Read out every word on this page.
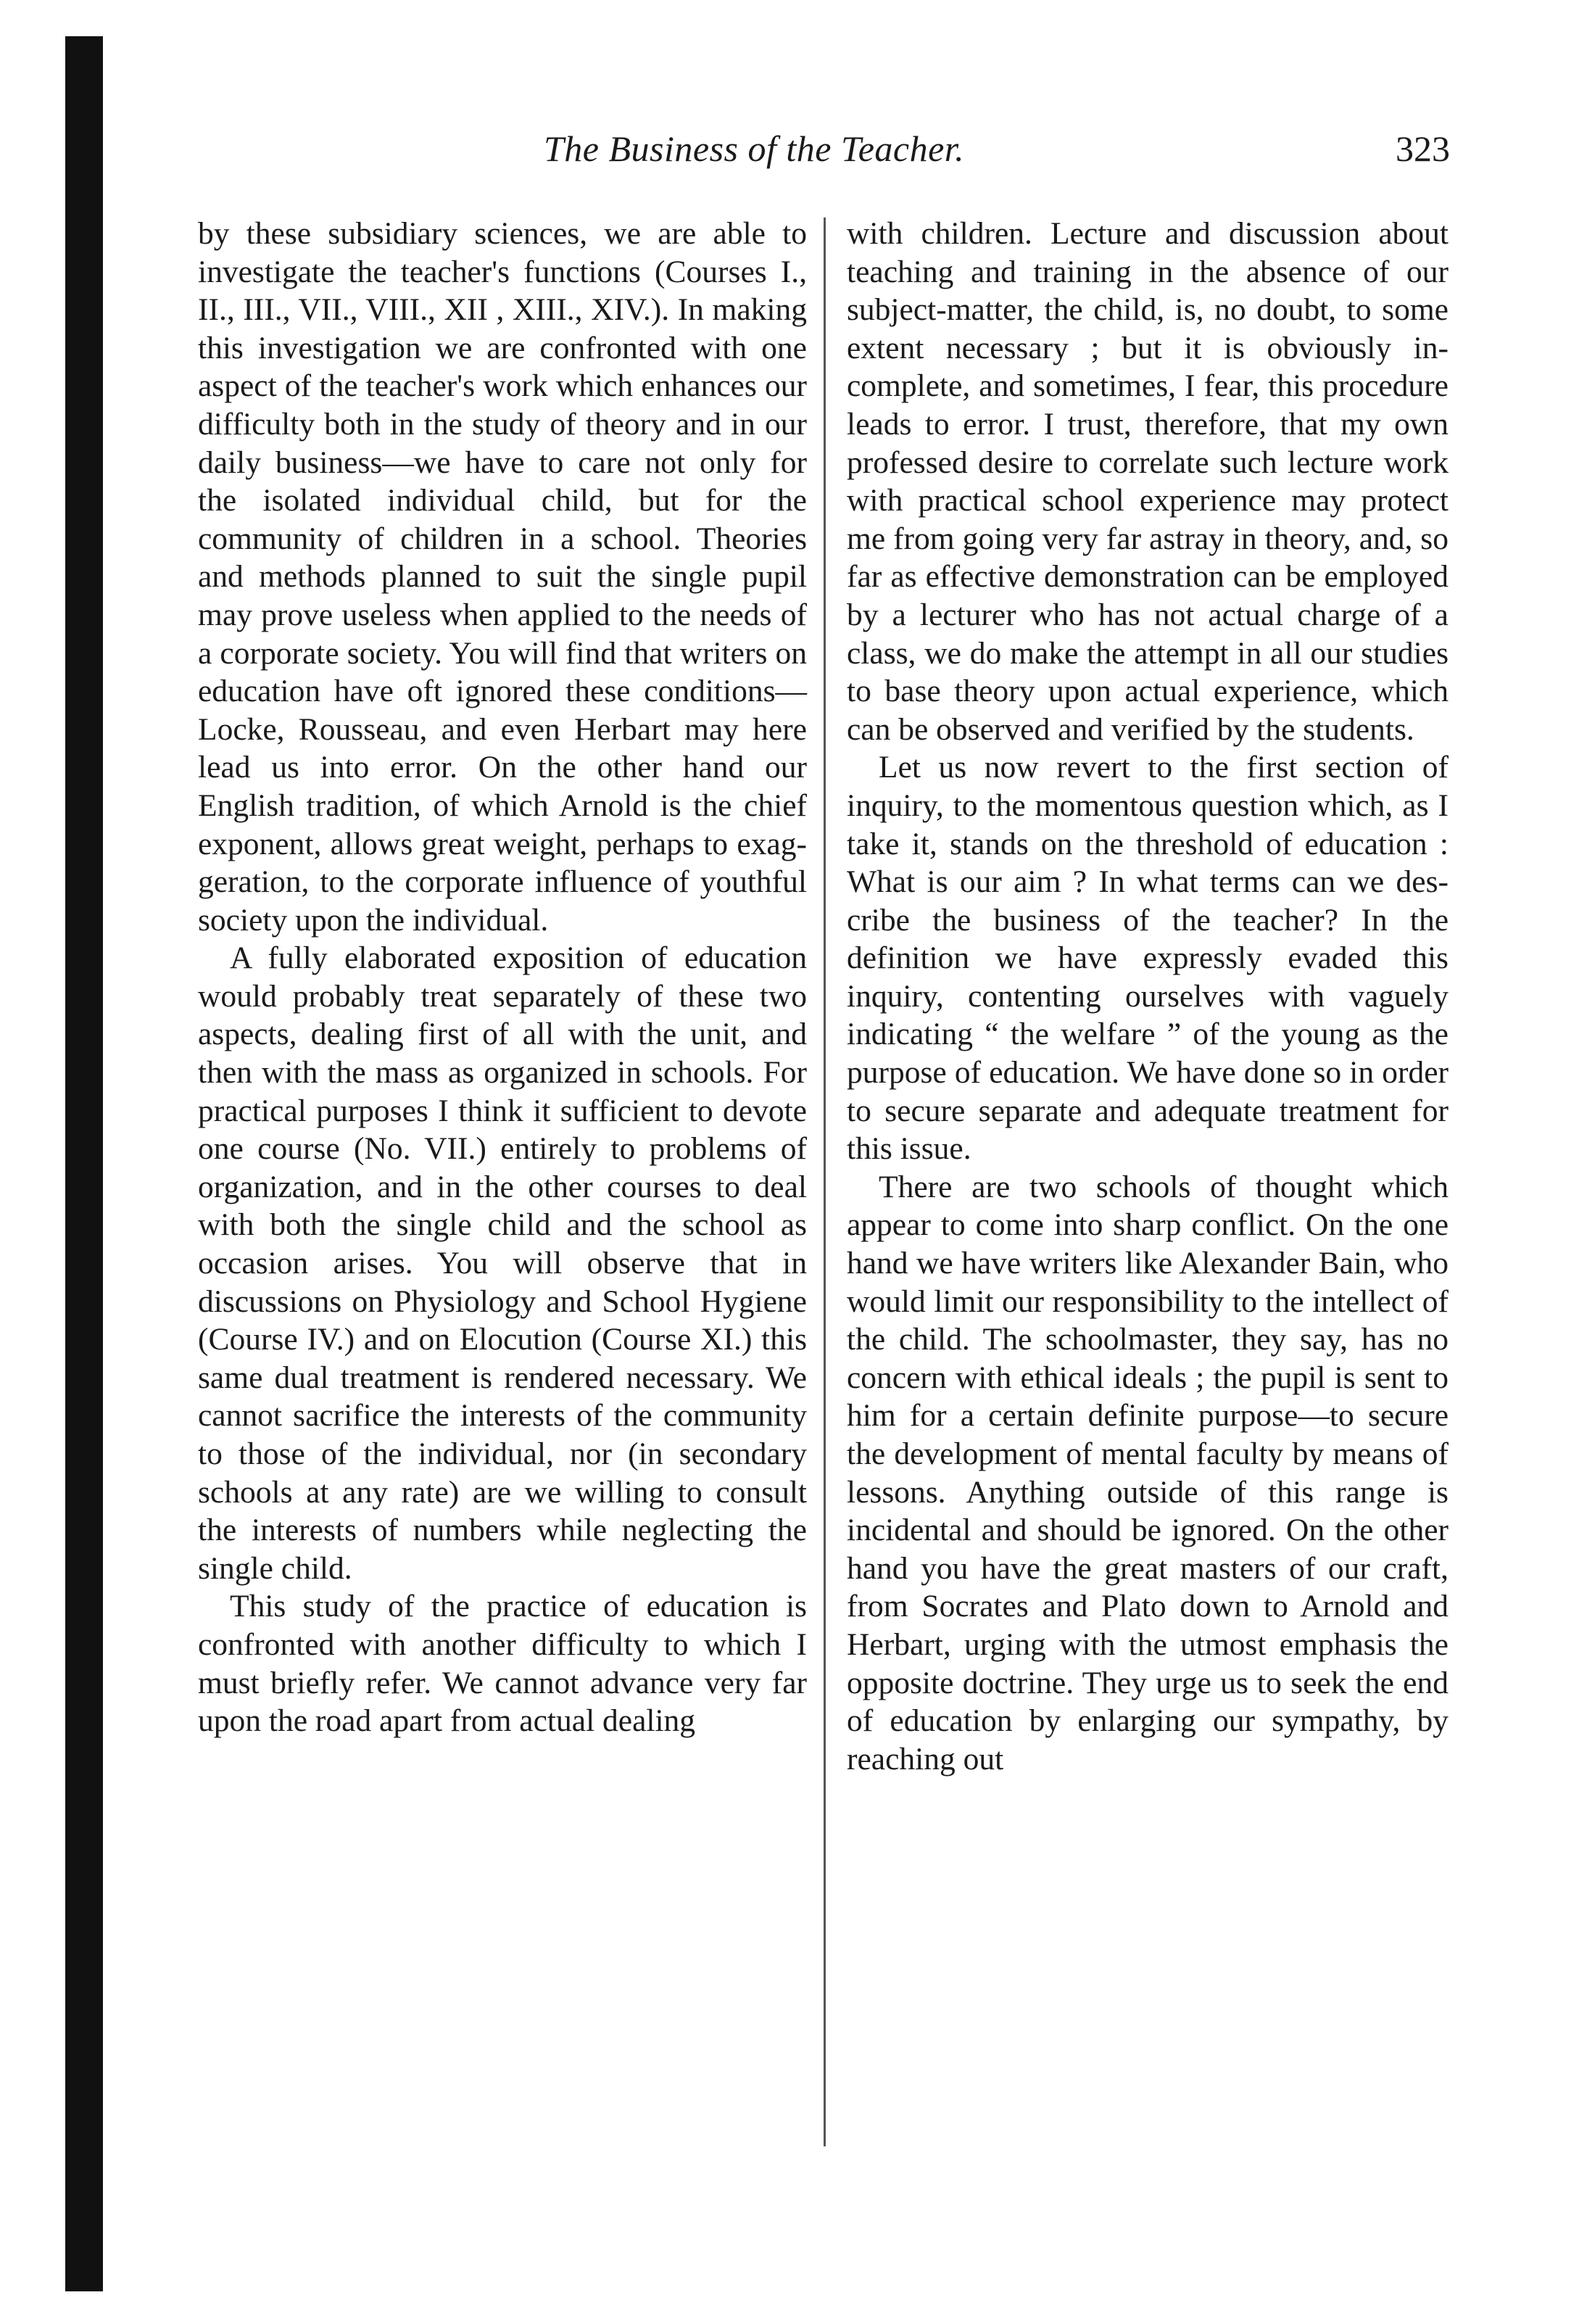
The Business of the Teacher.	323

by these subsidiary sciences, we are able to investigate the teacher's functions (Courses I., II., III., VII., VIII., XII , XIII., XIV.). In making this investigation we are confronted with one aspect of the teacher's work which enhances our difficulty both in the study of theory and in our daily business—we have to care not only for the isolated individual child, but for the community of children in a school. Theories and methods planned to suit the single pupil may prove useless when applied to the needs of a corporate society. You will find that writers on education have oft ignored these conditions—Locke, Rousseau, and even Herbart may here lead us into error. On the other hand our English tradition, of which Arnold is the chief exponent, allows great weight, perhaps to exaggeration, to the corporate influence of youthful society upon the individual.

A fully elaborated exposition of education would probably treat separately of these two aspects, dealing first of all with the unit, and then with the mass as organized in schools. For practical purposes I think it sufficient to devote one course (No. VII.) entirely to problems of organization, and in the other courses to deal with both the single child and the school as occasion arises. You will observe that in discussions on Physiology and School Hygiene (Course IV.) and on Elocution (Course XI.) this same dual treatment is rendered necessary. We cannot sacrifice the interests of the community to those of the individual, nor (in secondary schools at any rate) are we willing to consult the interests of numbers while neglecting the single child.

This study of the practice of education is confronted with another difficulty to which I must briefly refer. We cannot advance very far upon the road apart from actual dealing

with children. Lecture and discussion about teaching and training in the absence of our subject-matter, the child, is, no doubt, to some extent necessary ; but it is obviously incomplete, and sometimes, I fear, this procedure leads to error. I trust, therefore, that my own professed desire to correlate such lecture work with practical school experience may protect me from going very far astray in theory, and, so far as effective demonstration can be employed by a lecturer who has not actual charge of a class, we do make the attempt in all our studies to base theory upon actual experience, which can be observed and verified by the students.

Let us now revert to the first section of inquiry, to the momentous question which, as I take it, stands on the threshold of education : What is our aim ? In what terms can we describe the business of the teacher? In the definition we have expressly evaded this inquiry, contenting ourselves with vaguely indicating “ the welfare ” of the young as the purpose of education. We have done so in order to secure separate and adequate treatment for this issue.

There are two schools of thought which appear to come into sharp conflict. On the one hand we have writers like Alexander Bain, who would limit our responsibility to the intellect of the child. The schoolmaster, they say, has no concern with ethical ideals ; the pupil is sent to him for a certain definite purpose—to secure the development of mental faculty by means of lessons. Anything outside of this range is incidental and should be ignored. On the other hand you have the great masters of our craft, from Socrates and Plato down to Arnold and Herbart, urging with the utmost emphasis the opposite doctrine. They urge us to seek the end of education by enlarging our sympathy, by reaching out
